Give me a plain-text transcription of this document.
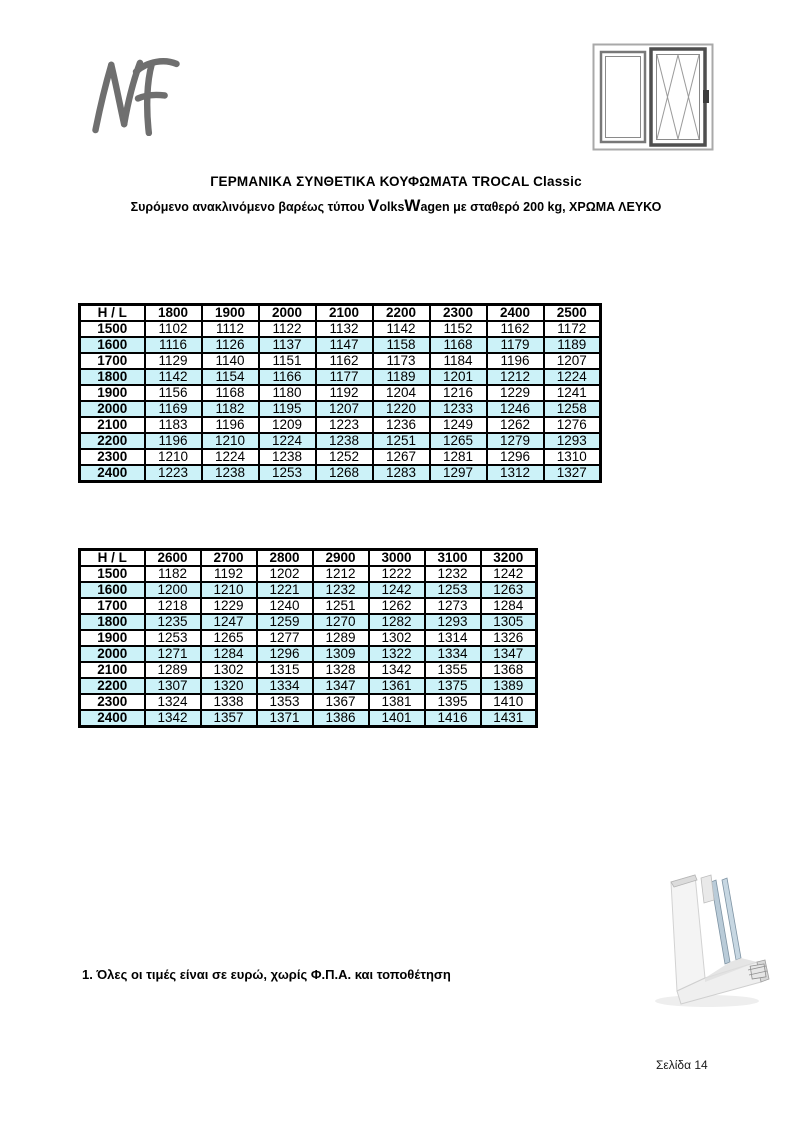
ΓΕΡΜΑΝΙΚΑ ΣΥΝΘΕΤΙΚΑ ΚΟΥΦΩΜΑΤΑ TROCAL Classic
Συρόμενο ανακλινόμενο βαρέως τύπου VolksWagen με σταθερό 200 kg, ΧΡΩΜΑ ΛΕΥΚΟ
H / L	1800	1900	2000	2100	2200	2300	2400	2500
1500	1102	1112	1122	1132	1142	1152	1162	1172
1600	1116	1126	1137	1147	1158	1168	1179	1189
1700	1129	1140	1151	1162	1173	1184	1196	1207
1800	1142	1154	1166	1177	1189	1201	1212	1224
1900	1156	1168	1180	1192	1204	1216	1229	1241
2000	1169	1182	1195	1207	1220	1233	1246	1258
2100	1183	1196	1209	1223	1236	1249	1262	1276
2200	1196	1210	1224	1238	1251	1265	1279	1293
2300	1210	1224	1238	1252	1267	1281	1296	1310
2400	1223	1238	1253	1268	1283	1297	1312	1327
H / L	2600	2700	2800	2900	3000	3100	3200
1500	1182	1192	1202	1212	1222	1232	1242
1600	1200	1210	1221	1232	1242	1253	1263
1700	1218	1229	1240	1251	1262	1273	1284
1800	1235	1247	1259	1270	1282	1293	1305
1900	1253	1265	1277	1289	1302	1314	1326
2000	1271	1284	1296	1309	1322	1334	1347
2100	1289	1302	1315	1328	1342	1355	1368
2200	1307	1320	1334	1347	1361	1375	1389
2300	1324	1338	1353	1367	1381	1395	1410
2400	1342	1357	1371	1386	1401	1416	1431
1. Όλες οι τιμές είναι σε ευρώ, χωρίς Φ.Π.Α. και τοποθέτηση
Σελίδα 14
